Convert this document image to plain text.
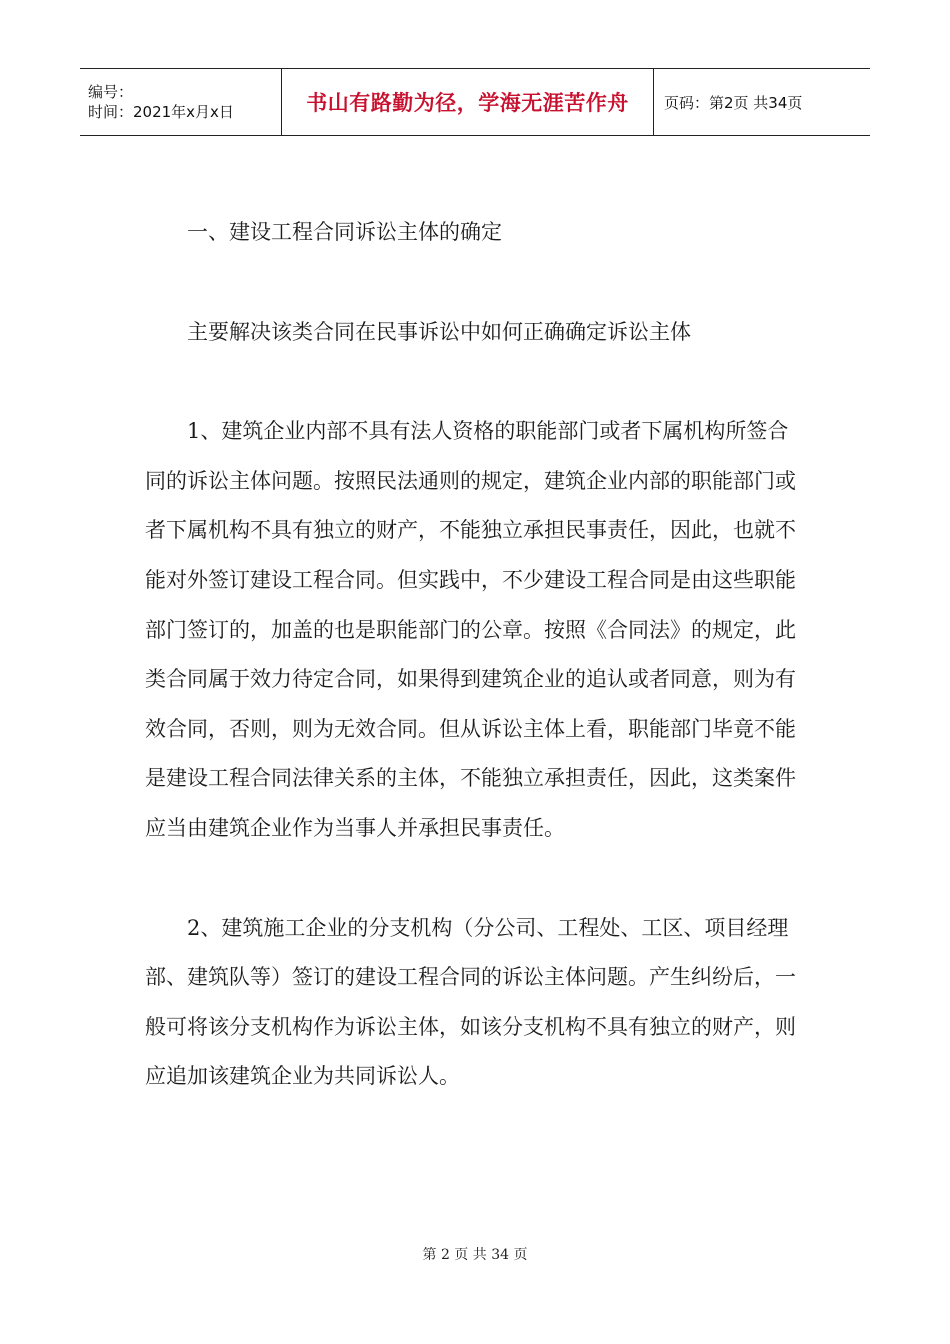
编号：
时间：2021年x月x日	书山有路勤为径，学海无涯苦作舟	页码：第2页 共34页

一、建设工程合同诉讼主体的确定

主要解决该类合同在民事诉讼中如何正确确定诉讼主体

1、建筑企业内部不具有法人资格的职能部门或者下属机构所签合同的诉讼主体问题。按照民法通则的规定，建筑企业内部的职能部门或者下属机构不具有独立的财产，不能独立承担民事责任，因此，也就不能对外签订建设工程合同。但实践中，不少建设工程合同是由这些职能部门签订的，加盖的也是职能部门的公章。按照《合同法》的规定，此类合同属于效力待定合同，如果得到建筑企业的追认或者同意，则为有效合同，否则，则为无效合同。但从诉讼主体上看，职能部门毕竟不能是建设工程合同法律关系的主体，不能独立承担责任，因此，这类案件应当由建筑企业作为当事人并承担民事责任。

2、建筑施工企业的分支机构（分公司、工程处、工区、项目经理部、建筑队等）签订的建设工程合同的诉讼主体问题。产生纠纷后，一般可将该分支机构作为诉讼主体，如该分支机构不具有独立的财产，则应追加该建筑企业为共同诉讼人。

第 2 页 共 34 页
